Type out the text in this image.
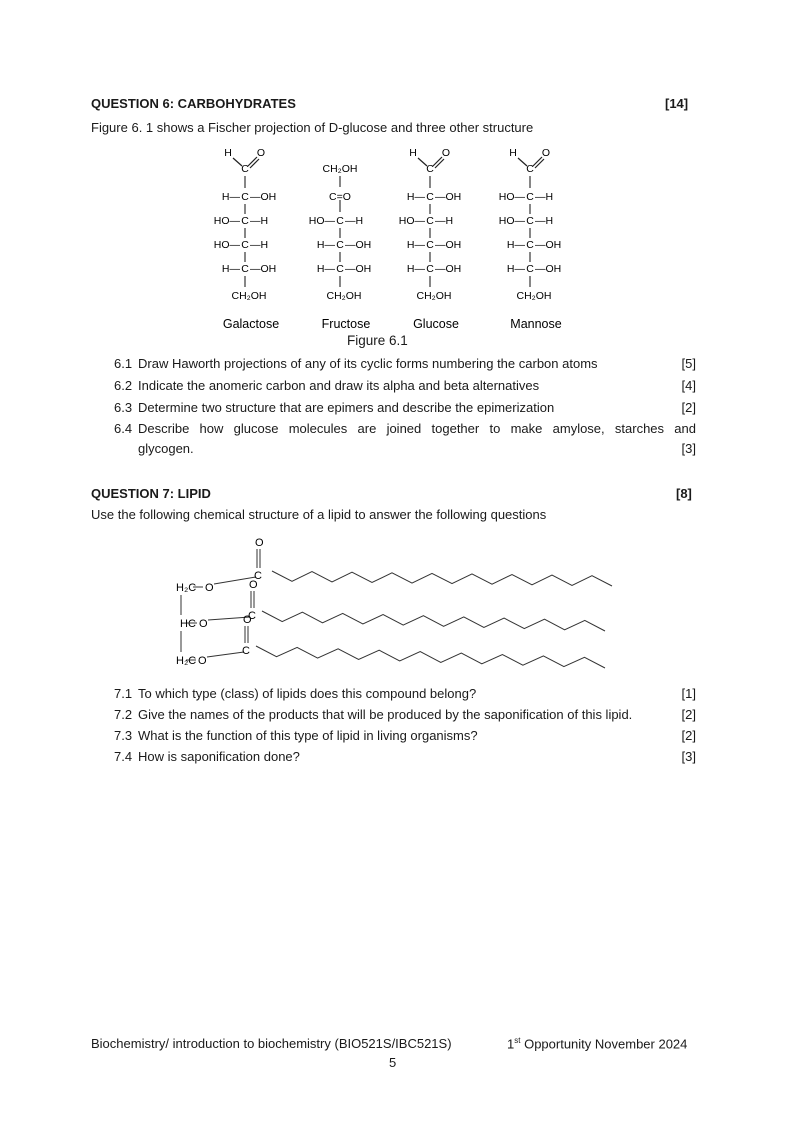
QUESTION 6: CARBOHYDRATES	[14]
Figure 6. 1 shows a Fischer projection of D-glucose and three other structure
H O
C
H— C —OH
HO— C —H
HO— C —H
H— C —OH
CH₂OH
Galactose
CH₂OH
C=O
HO— C —H
H— C —OH
H— C —OH
CH₂OH
Fructose
H O
C
H— C —OH
HO— C —H
H— C —OH
H— C —OH
CH₂OH
Glucose
H O
C
HO— C —H
HO— C —H
H— C —OH
H— C —OH
CH₂OH
Mannose
Figure 6.1
6.1 Draw Haworth projections of any of its cyclic forms numbering the carbon atoms	[5]
6.2 Indicate the anomeric carbon and draw its alpha and beta alternatives	[4]
6.3 Determine two structure that are epimers and describe the epimerization	[2]
6.4 Describe how glucose molecules are joined together to make amylose, starches and
glycogen.	[3]
QUESTION 7: LIPID	[8]
Use the following chemical structure of a lipid to answer the following questions
H₂C
HC
H₂C
O
C
O
O
C
O
O
C
O
7.1 To which type (class) of lipids does this compound belong?	[1]
7.2 Give the names of the products that will be produced by the saponification of this lipid.	[2]
7.3 What is the function of this type of lipid in living organisms?	[2]
7.4 How is saponification done?	[3]
Biochemistry/ introduction to biochemistry (BIO521S/IBC521S)	1st Opportunity November 2024
5
